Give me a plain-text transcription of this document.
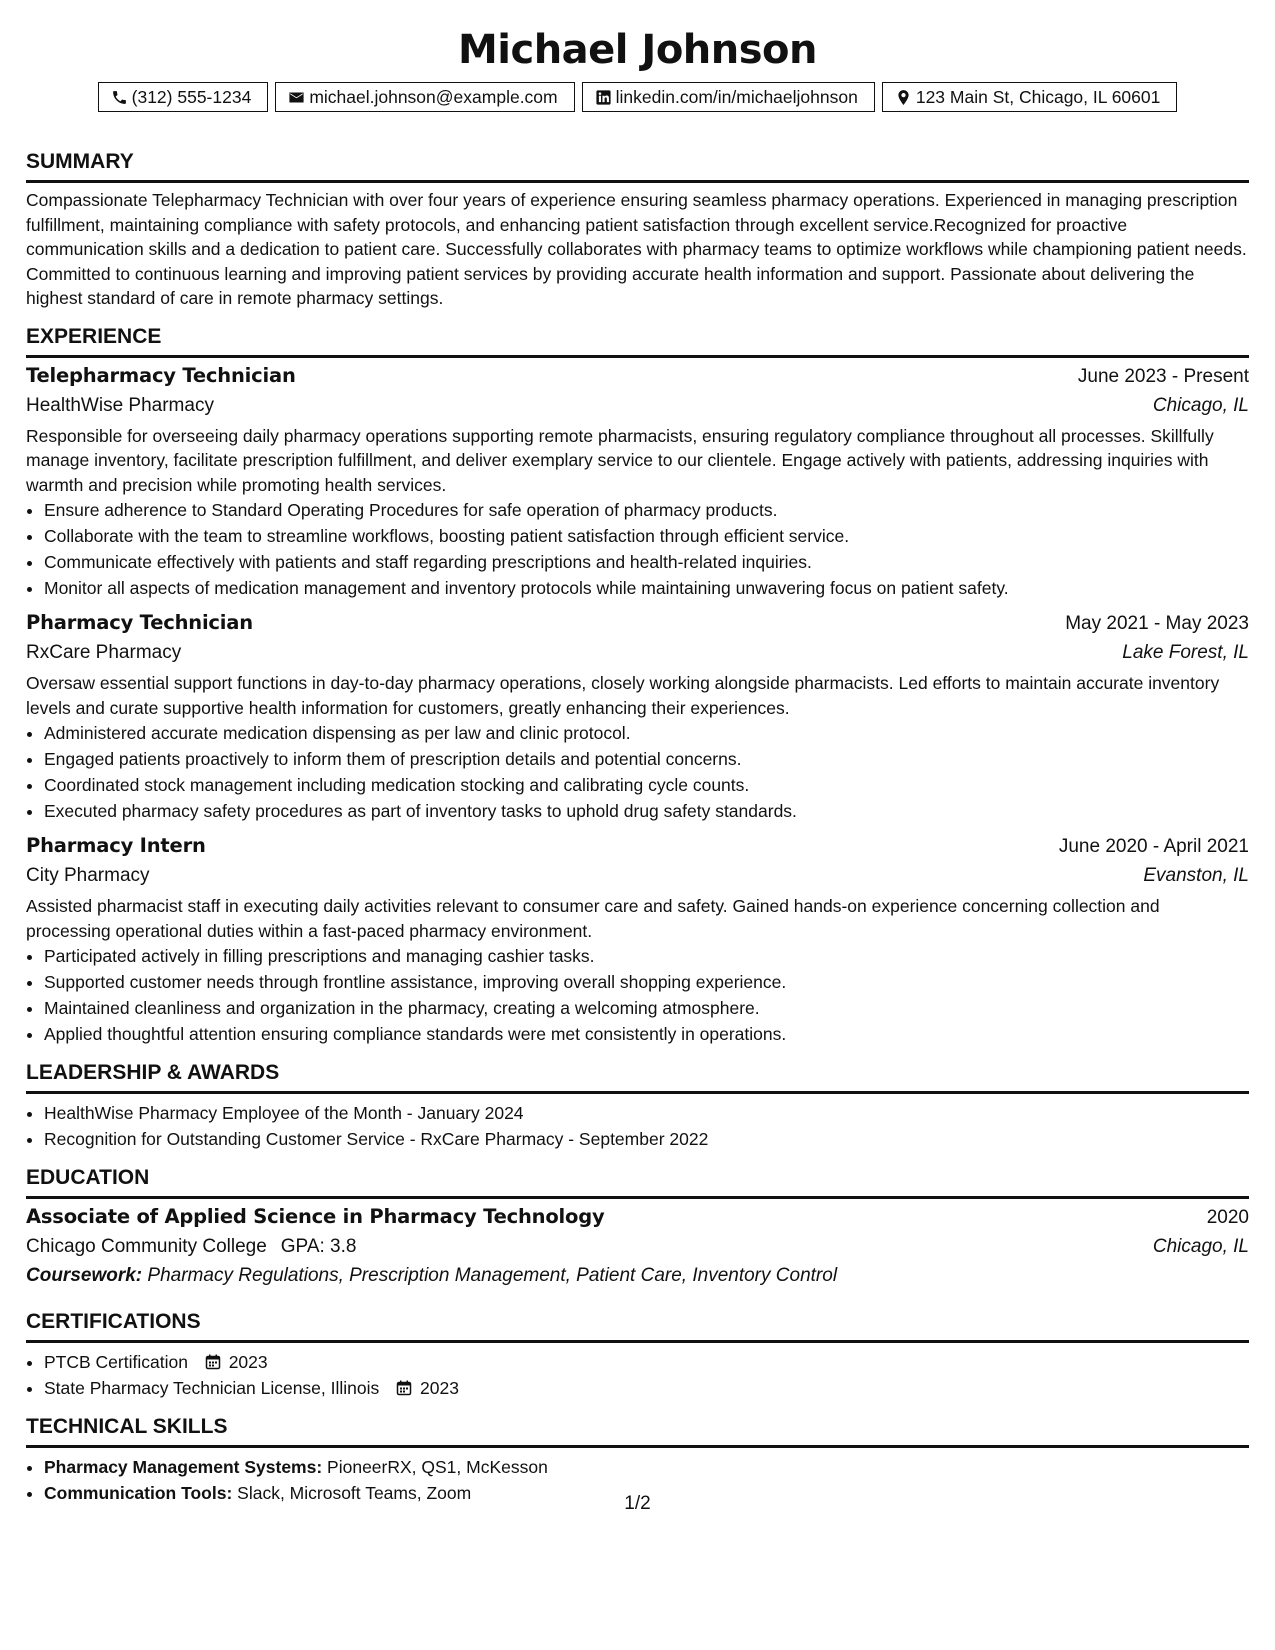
Michael Johnson
(312) 555-1234	michael.johnson@example.com	linkedin.com/in/michaeljohnson	123 Main St, Chicago, IL 60601
SUMMARY

Compassionate Telepharmacy Technician with over four years of experience ensuring seamless pharmacy operations. Experienced in managing prescription fulfillment, maintaining compliance with safety protocols, and enhancing patient satisfaction through excellent service.Recognized for proactive communication skills and a dedication to patient care. Successfully collaborates with pharmacy teams to optimize workflows while championing patient needs. Committed to continuous learning and improving patient services by providing accurate health information and support. Passionate about delivering the highest standard of care in remote pharmacy settings.

EXPERIENCE
Telepharmacy Technician	June 2023 - Present
HealthWise Pharmacy	Chicago, IL

Responsible for overseeing daily pharmacy operations supporting remote pharmacists, ensuring regulatory compliance throughout all processes. Skillfully manage inventory, facilitate prescription fulfillment, and deliver exemplary service to our clientele. Engage actively with patients, addressing inquiries with warmth and precision while promoting health services.

• Ensure adherence to Standard Operating Procedures for safe operation of pharmacy products.
• Collaborate with the team to streamline workflows, boosting patient satisfaction through efficient service.
• Communicate effectively with patients and staff regarding prescriptions and health-related inquiries.
• Monitor all aspects of medication management and inventory protocols while maintaining unwavering focus on patient safety.
Pharmacy Technician	May 2021 - May 2023
RxCare Pharmacy	Lake Forest, IL

Oversaw essential support functions in day-to-day pharmacy operations, closely working alongside pharmacists. Led efforts to maintain accurate inventory levels and curate supportive health information for customers, greatly enhancing their experiences.

• Administered accurate medication dispensing as per law and clinic protocol.
• Engaged patients proactively to inform them of prescription details and potential concerns.
• Coordinated stock management including medication stocking and calibrating cycle counts.
• Executed pharmacy safety procedures as part of inventory tasks to uphold drug safety standards.
Pharmacy Intern	June 2020 - April 2021
City Pharmacy	Evanston, IL

Assisted pharmacist staff in executing daily activities relevant to consumer care and safety. Gained hands-on experience concerning collection and processing operational duties within a fast-paced pharmacy environment.

• Participated actively in filling prescriptions and managing cashier tasks.
• Supported customer needs through frontline assistance, improving overall shopping experience.
• Maintained cleanliness and organization in the pharmacy, creating a welcoming atmosphere.
• Applied thoughtful attention ensuring compliance standards were met consistently in operations.
LEADERSHIP & AWARDS
• HealthWise Pharmacy Employee of the Month - January 2024
• Recognition for Outstanding Customer Service - RxCare Pharmacy - September 2022
EDUCATION
Associate of Applied Science in Pharmacy Technology	2020
Chicago Community College GPA: 3.8	Chicago, IL
Coursework: Pharmacy Regulations, Prescription Management, Patient Care, Inventory Control
CERTIFICATIONS
• PTCB Certification 2023
• State Pharmacy Technician License, Illinois 2023
TECHNICAL SKILLS
• Pharmacy Management Systems: PioneerRX, QS1, McKesson
• Communication Tools: Slack, Microsoft Teams, Zoom	1/2
